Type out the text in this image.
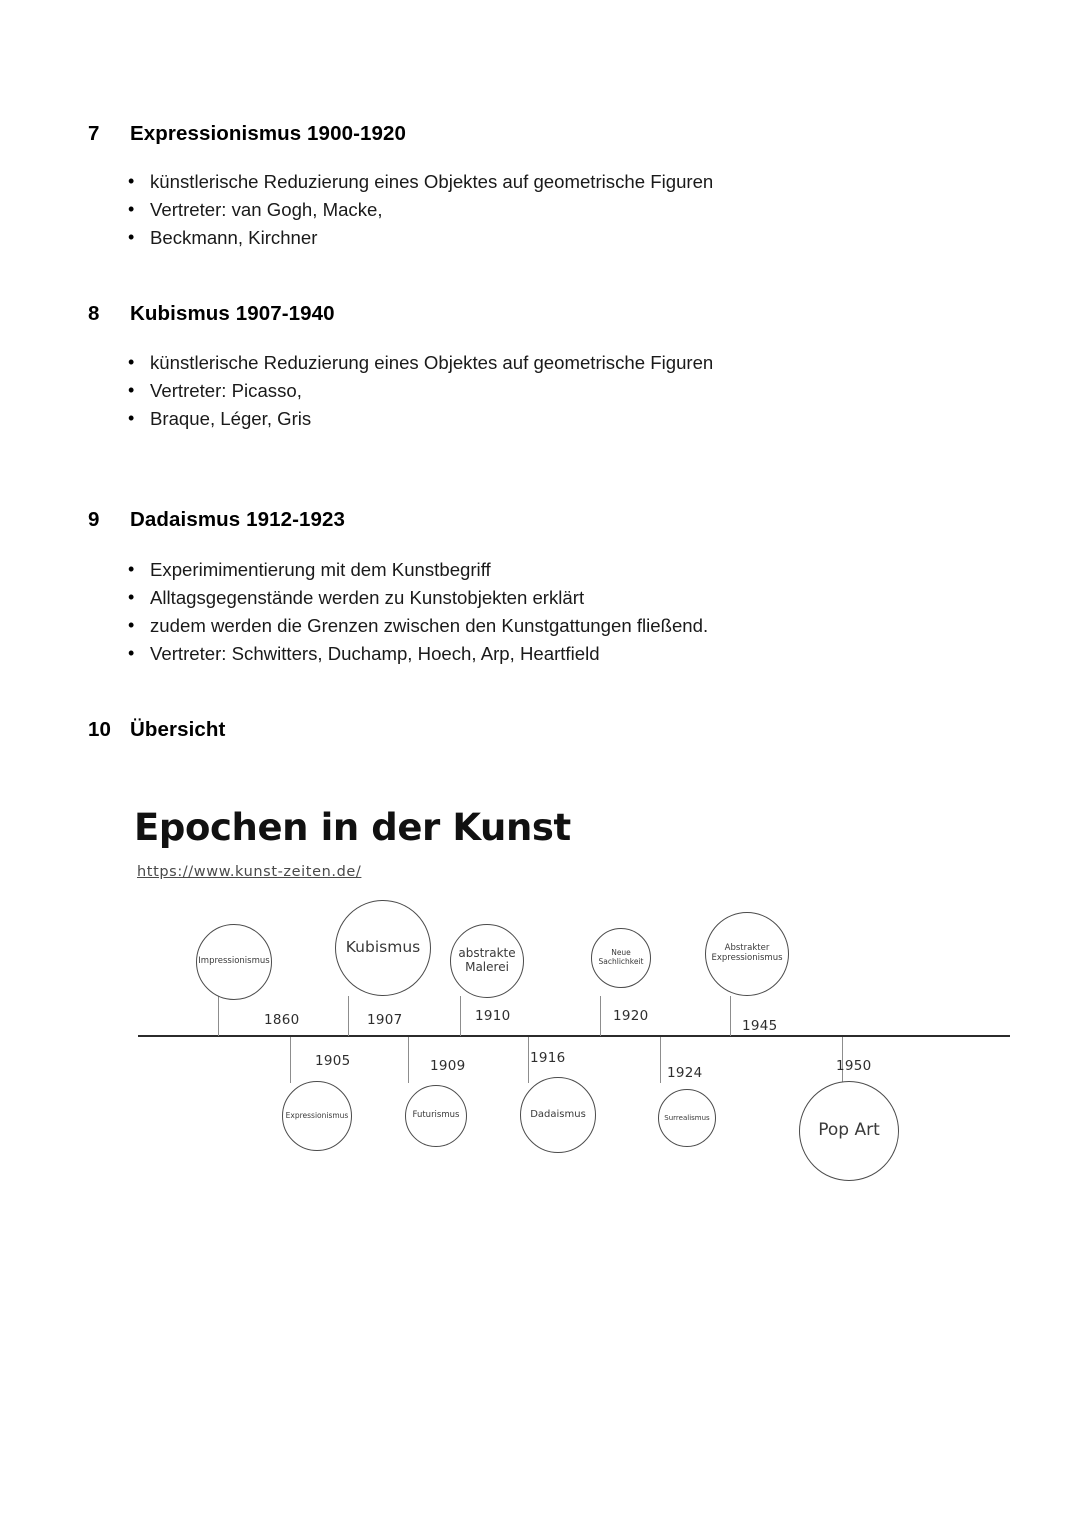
7	Expressionismus 1900-1920
• künstlerische Reduzierung eines Objektes auf geometrische Figuren
• Vertreter: van Gogh, Macke,
• Beckmann, Kirchner
8	Kubismus 1907-1940
• künstlerische Reduzierung eines Objektes auf geometrische Figuren
• Vertreter: Picasso,
• Braque, Léger, Gris
9	Dadaismus 1912-1923
• Experimimentierung mit dem Kunstbegriff
• Alltagsgegenstände werden zu Kunstobjekten erklärt
• zudem werden die Grenzen zwischen den Kunstgattungen fließend.
• Vertreter: Schwitters, Duchamp, Hoech, Arp, Heartfield
10 Übersicht
Epochen in der Kunst
https://www.kunst-zeiten.de/
Impressionismus
Kubismus	abstrakte Malerei
Neue Sachlichkeit
Abstrakter Expressionismus
1860	1907	1910	1920
1945
1905	1909	1916
1924	1950
Expressionismus	Futurismus	Dadaismus	Surrealismus
Pop Art
